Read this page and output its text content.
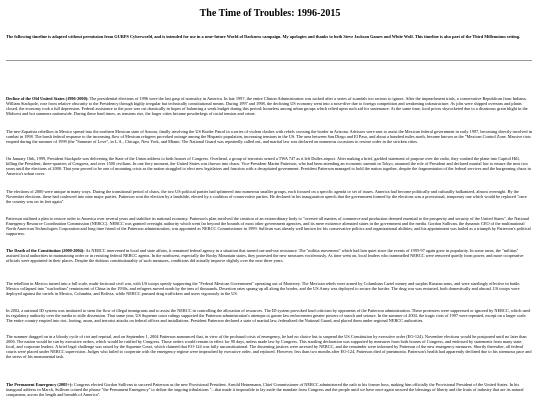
The Time of Troubles: 1996-2015

The following timeline is adapted without permission from GURPS Cyberworld, and is intended for use in a near-future World of Darkness campaign. My apologies and thanks to both Steve Jackson Games and White Wolf. This timeline is also part of the Third Millennium setting.

Decline of the Old United States (1996-2000): The presidential elections of 1996 were the last gasp of normalcy in America. In late 1997, the entire Clinton Administration was sacked after a series of scandals too serious to ignore. After the impeachment trials, a conservative Republican from Indiana, William Stackpole, rose from relative obscurity to the Presidency through highly irregular but technically constitutional means. During 1997 and 1998, the declining US economy went into a nose-dive due to foreign competition and weakening infrastructure. As jobs were shipped overseas and plants closed, the economy took a full depression. Federal assistance to the poor was cut drastically in hopes of balancing a weak budget during this period; homeless among urban groups which relied upon such aid for sustenance. At the same time, food prices skyrocketed due to a disastrous grain blight in the Midwest and hot summers nationwide. During these hard times, as tensions rise, the larger cities became powderkegs of racial tension and crime.

The neo-Zapatista rebellion in Mexico spread into the northern Mexican state of Sonora, finally involving the US Border Patrol in a series of violent clashes with rebels crossing the border in Arizona. Advisors were sent to assist the Mexican federal government in early 1997, becoming directly involved in combat in 1998. The harsh federal response to the increasing flow of Mexican refugees provoked outrage among the Hispanic population, increasing tensions in the US. The area between San Diego and El Paso, and about a hundred miles north, became known as the "Mexican Control Zone. Massive riots erupted during the summer of 1999 (the "Summer of Love", in L.A., Chicago, New York, and Miami. The National Guard was repeatedly called out, and martial law was declared on numerous occasions to restore order in the stricken cities.

On January 16th, 1999, President Stackpole was delivering the State of the Union address to both houses of Congress. Overhead, a group of terrorists seized a TWA 747 as it left Dulles airport. After making a brief, garbled statement of purpose over the radio, they crashed the plane into Capitol Hill, killing the President, three-quarters of Congress, and over 1500 civilians. In one fiery moment, the United States was thrown into chaos. Vice-President Martin Patterson, who had been attending an economic summit in Tokyo, assumed the role of President and declared martial law to ensure the next two years until the elections of 2000. That year proved to be one of mounting crisis as the nation struggled to elect new legislators and function with a decapitated government. President Patterson managed to hold the nation together, despite the fragmentation of the federal services and the burgeoning chaos in America's urban cores.

The elections of 2000 were unique in many ways. During the transitional period of chaos, the two US political parties had splintered into numerous smaller groups, each focused on a specific agenda or set of issues. America had become politically and culturally balkanized, almost overnight. By the November elections, these had coalesced into nine major parties. Patterson won the election by a landslide, elected by a coalition of conservative parties. He declared in his inauguration speech that the government formed by the elections was a provisional, temporary one which would be replaced "once the country was on its feet again".

Patterson outlined a plan to restore order to America over several years and stabilize its national economy. Patterson's plan involved the creation of an extraordinary body to "oversee all matters of commerce and production deemed essential to the prosperity and security of the United States", the National Emergency Resource Coordination Commission (NERCC). NERCC was granted oversight authority which went far beyond the bounds of most other government agencies, and its mere existence alienated states in the government and the media. Gordon Sullivan, the dynamic CEO of the multinational North American Technologies Corporation and long time friend of the Patterson administration, was appointed as NERCC Commissioner in 1999. Sullivan was already well known for his conservative politics and organizational abilities, and his appointment was hailed as a triumph by Patterson's political supporters.

The Death of the Constitution (2000-2004): As NERCC intervened in local and state affairs, it remained federal agency in a situation that turned out-and-out resistance. The "militia movement" which had lain quiet since the events of 1995-97 again grew in popularity. In some areas, the "militias" assisted local authorities in maintaining order or in resisting federal NERCC agents. In the northwest, especially the Rocky Mountain states, they protested the new measures vociferously. As time went on, local leaders who trammelled NERCC were removed quietly from power, and more cooperative officials were appointed in their places. Despite the dubious constitutionality of such measures, conditions did actually improve slightly over the next three years.

The rebellion in Mexico turned into a full scale, multi-factional civil war, with US troops openly supporting the "Federal Mexican Government" operating out of Monterey. The Mexican rebels were armed by Columbian Cartel money and surplus Russian arms, and were startlingly effective in battle. Mexico collapsed into "warlordism" reminiscent of China in the 1930s, and refugees moved north by the tens of thousands. Desertion rates sprang up all along the border, and the US Army was deployed to secure the border. The drug war was restarted, both domestically and abroad. US troops were deployed against the cartels in Mexico, Columbia, and Bolivia, while NERCC pursued drug traffickers and users vigorously in the US.

In 2002, a national ID system was instituted to stem the flow of illegal immigrants and to assist the NERCC in controlling the allocation of resources. The ID system provoked loud criticism by opponents of the Patterson administration. These protesters were suppressed or ignored by NERCC, which used its regulatory authority over the media to stifle dissension. That same year, US Supreme court rulings supported the Patterson administration's attempts to garner law enforcement greater powers of search and seizure. In the summer of 2004, the tragic riots of 1997 were repeated, except on a larger scale. The entire country erupted into riot, looting, arson, and terrorist attacks on federal offices and installations. President Patterson declared a state of martial law, federalized the National Guard, and placed them under regional NERCC authorities.

The summer dragged on in a bloody cycle of riot and reprisal, and on September 1, 2004 Patterson announced that, in view of the profound crisis of emergency, he had no choice but to suspend the US Constitution by executive order (EO-124). November elections would be postponed until no later than 2006. The nation would be run by executive orders, which would be ratified by Congress. Those orders would remain in effect for 90 days, unless made law by Congress. This startling declaration was supported by measures from both houses of Congress, and endorsed by statements from many state, local, and corporate leaders. A brief legal challenge was raised by the Supreme Court, which claimed that EO-124 was fully unconstitutional. The dissenting justices were arrested by NERCC, and the remainder were informed by Patterson of the new emergency measures. Shortly thereafter, all federal courts were placed under NERCC supervision. Judges who failed to cooperate with the emergency regime were impeached by executive order, and replaced. However, less than two months after EO-124, Patterson died of pneumonia. Patterson's health had apparently declined due to his strenuous pace and the stress of his monumental task.

The Permanent Emergency (2005+): Congress elected Gordon Sullivan to succeed Patterson as the new Provisional President. Arnold Heinemann, Chief Commissioner of NERCC administered the oath to his former boss, making him officially the Provisional President of the United States. In his inaugural address in March, Sullivan coined the phrase "the Permanent Emergency" to define the ongoing tribulations "...that made it impossible to lay aside the mandate from Congress and the people until we have once again secured the blessings of liberty and the fruits of industry that are its natural companion, across the length and breadth of America".
